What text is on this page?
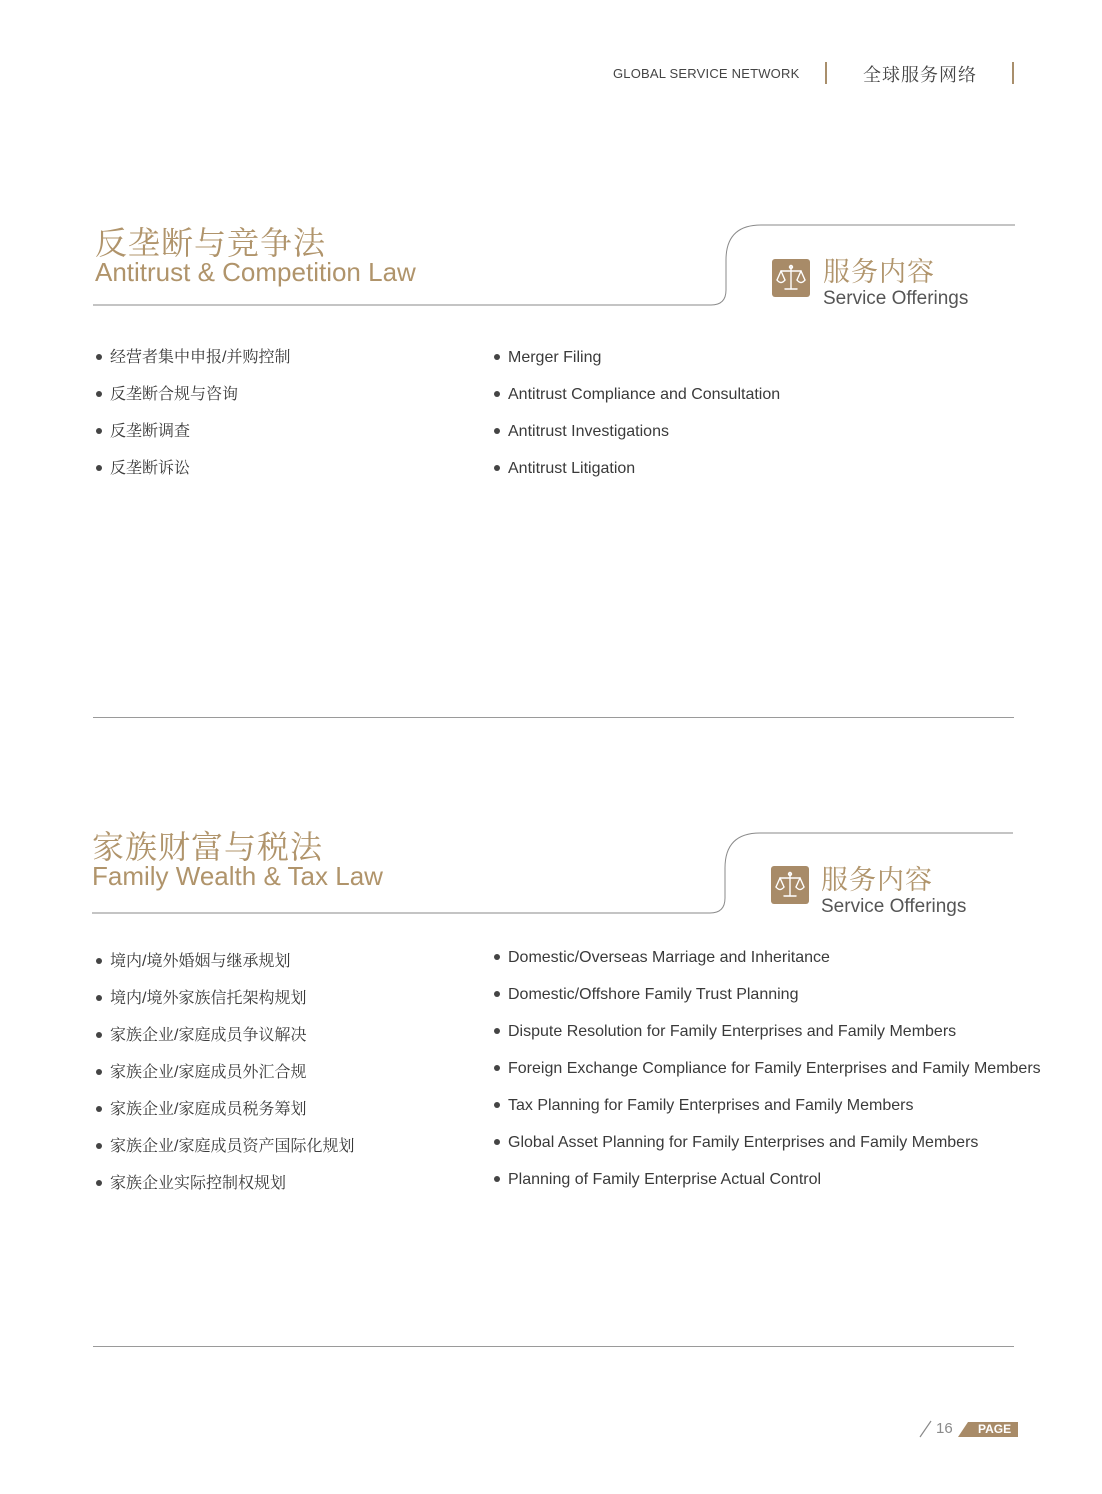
GLOBAL SERVICE NETWORK	全球服务网络
反垄断与竞争法
Antitrust & Competition Law	服务内容
Service Offerings
经营者集中申报/并购控制
反垄断合规与咨询
反垄断调查
反垄断诉讼
Merger Filing
Antitrust Compliance and Consultation
Antitrust Investigations
Antitrust Litigation
家族财富与税法
Family Wealth & Tax Law	服务内容
Service Offerings
境内/境外婚姻与继承规划
境内/境外家族信托架构规划
家族企业/家庭成员争议解决
家族企业/家庭成员外汇合规
家族企业/家庭成员税务筹划
家族企业/家庭成员资产国际化规划
家族企业实际控制权规划
Domestic/Overseas Marriage and Inheritance
Domestic/Offshore Family Trust Planning
Dispute Resolution for Family Enterprises and Family Members
Foreign Exchange Compliance for Family Enterprises and Family Members
Tax Planning for Family Enterprises and Family Members
Global Asset Planning for Family Enterprises and Family Members
Planning of Family Enterprise Actual Control
16 PAGE
